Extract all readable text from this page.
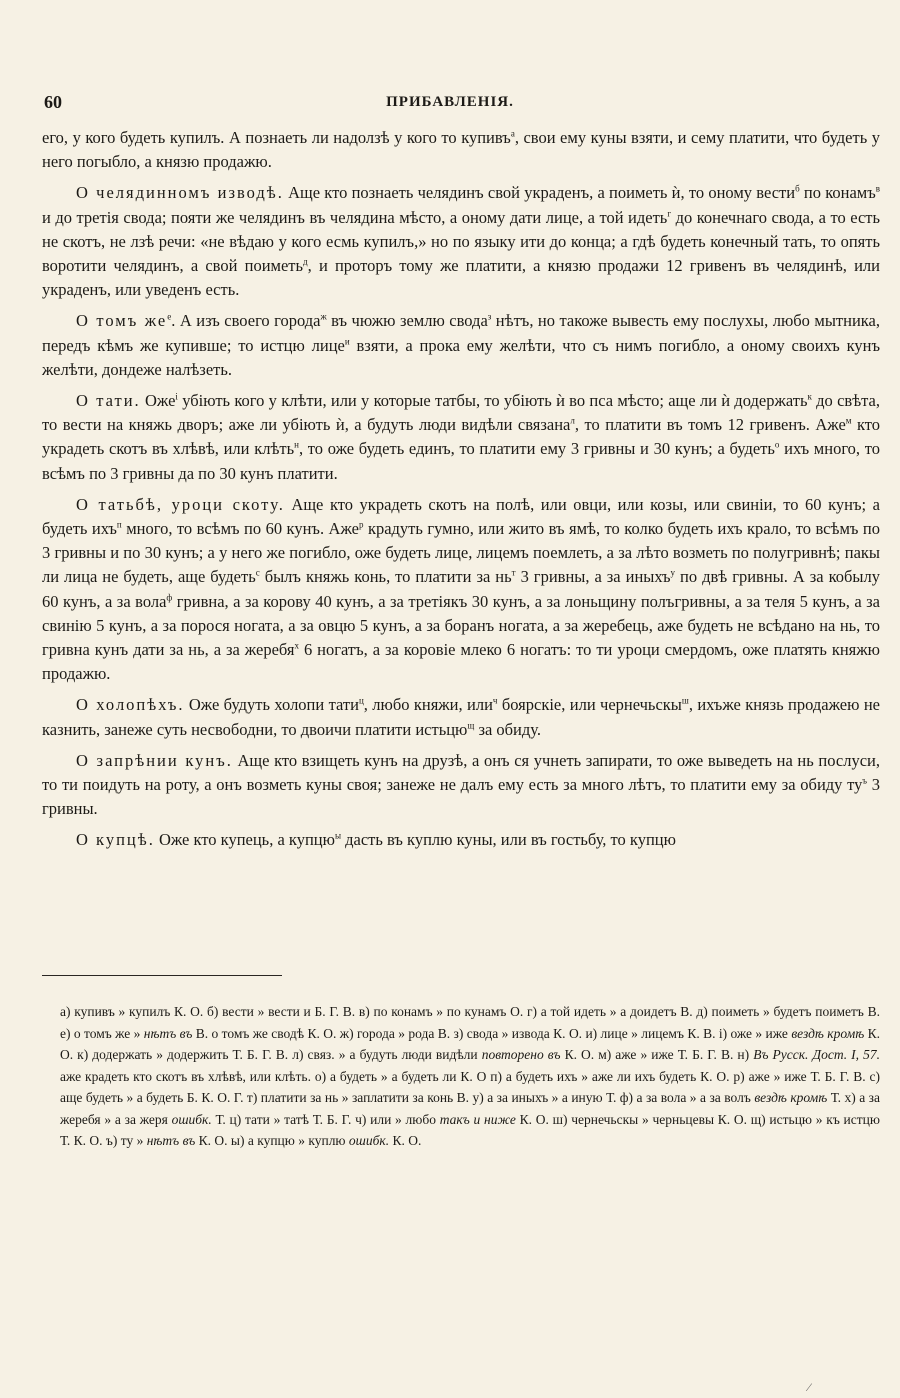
60	ПРИБАВЛЕНІЯ.

его, у кого будеть купилъ. А познаеть ли надолзѣ у кого то купивъ$^а$, свои ему куны взяти, и сему платити, что будеть у него погыбло, а князю продажю.

О челядинномъ изводѣ. Аще кто познаеть челядинъ свой украденъ, а поиметь ѝ, то оному вести$^б$ по конамъ$^в$ и до третія свода; пояти же челядинъ въ челядина мѣсто, а оному дати лице, а той идеть$^г$ до конечнаго свода, а то есть не скотъ, не лзѣ речи: «не вѣдаю у кого есмь купилъ,» но по языку ити до конца; а гдѣ будеть конечный тать, то опять воротити челядинъ, а свой поиметь$^д$, и проторъ тому же платити, а князю продажи 12 гривенъ въ челядинѣ, или украденъ, или уведенъ есть.

О томъ $же^е$. А изъ своего города$^ж$ въ чюжю землю свода$^з$ нѣтъ, но такоже вывесть ему послухы, любо мытника, передъ кѣмъ же купивше; то истцю лице$^и$ взяти, а прока ему желѣти, что съ нимъ погибло, а оному своихъ кунъ желѣти, дондеже налѣзеть.

О тати. Оже$^і$ убіють кого у клѣти, или у которые татбы, то убіють ѝ во пса мѣсто; аще ли ѝ додержать$^к$ до свѣта, то вести на княжь дворъ; аже ли убіють ѝ, а будуть люди видѣли связана$^л$, то платити въ томъ 12 гривенъ. Аже$^м$ кто украдеть скотъ въ хлѣвѣ, или клѣть$^н$, то оже будеть единъ, то платити ему 3 гривны и 30 кунъ; а будеть$^о$ ихъ много, то всѣмъ по 3 гривны да по 30 кунъ платити.

О татьбѣ, уроци скоту. Аще кто украдеть скотъ на полѣ, или овци, или козы, или свиніи, то 60 кунъ; а будеть ихъ$^п$ много, то всѣмъ по 60 кунъ. Аже$^р$ крадуть гумно, или жито въ ямѣ, то колко будеть ихъ крало, то всѣмъ по 3 гривны и по 30 кунъ; а у него же погибло, оже будеть лице, лицемъ поемлеть, а за лѣто возметь по полугривнѣ; пакы ли лица не будеть, аще будеть$^с$ былъ княжь конь, то платити за $нь^т$ 3 гривны, а за иныхъ$^у$ по двѣ гривны. А за кобылу 60 кунъ, а за вола$^ф$ гривна, а за корову 40 кунъ, а за третіякъ 30 кунъ, а за лоньщину полъгривны, а за теля 5 кунъ, а за свинію 5 кунъ, а за порося ногата, а за овцю 5 кунъ, а за боранъ ногата, а за жеребець, аже будеть не всѣдано на нь, то гривна кунъ дати за нь, а за жеребя$^х$ 6 ногатъ, а за коровіе млеко 6 ногатъ: то ти уроци смердомъ, оже платять княжю продажю.

О холопѣхъ. Оже будуть холопи тати$^ц$, любо княжи, или$^ч$ боярскіе, или чернечьскы$^ш$, ихъже князь продажею не казнить, занеже суть несвободни, то двоичи платити истьцю$^щ$ за обиду.

О запрѣнии кунъ. Аще кто взищеть кунъ на друзѣ, а онъ ся учнеть запирати, то оже выведеть на нь послуси, то ти поидуть на роту, а онъ возметь куны своя; занеже не далъ ему есть за много лѣтъ, то платити ему за обиду $ту^ъ$ 3 гривны.

О купцѣ. Оже кто купець, а купцю$^ы$ дасть въ куплю куны, или въ гостьбу, то купцю

а) купивъ » купилъ К. О. б) вести » вести и Б. Г. В. в) по конамъ » по кунамъ О. г) а той идеть » а доидетъ В. д) поиметь » будетъ поиметъ В. е) о томъ же » нѣтъ въ В. о томъ же сводѣ К. О. ж) города » рода В. з) свода » извода К. О. и) лице » лицемъ К. В. і) оже » иже вездѣ кромѣ К. О. к) додержать » додержить Т. Б. Г. В. л) связ. » а будуть люди видѣли повторено въ К. О. м) аже » иже Т. Б. Г. В. н) Въ Русск. Дост. I, 57. аже крадеть кто скотъ въ хлѣвѣ, или клѣть. о) а будеть » а будеть ли К. О п) а будеть ихъ » аже ли ихъ будеть К. О. р) аже » иже Т. Б. Г. В. с) аще будеть » а будеть Б. К. О. Г. т) платити за нь » заплатити за конь В. у) а за иныхъ » а иную Т. ф) а за вола » а за волъ вездѣ кромѣ Т. х) а за жеребя » а за жеря ошибк. Т. ц) тати » татѣ Т. Б. Г. ч) или » любо такъ и ниже К. О. ш) чернечьскы » черньцевы К. О. щ) истьцю » къ истцю Т. К. О. ъ) ту » нѣтъ въ К. О. ы) а купцю » куплю ошибк. К. О.

⁄
